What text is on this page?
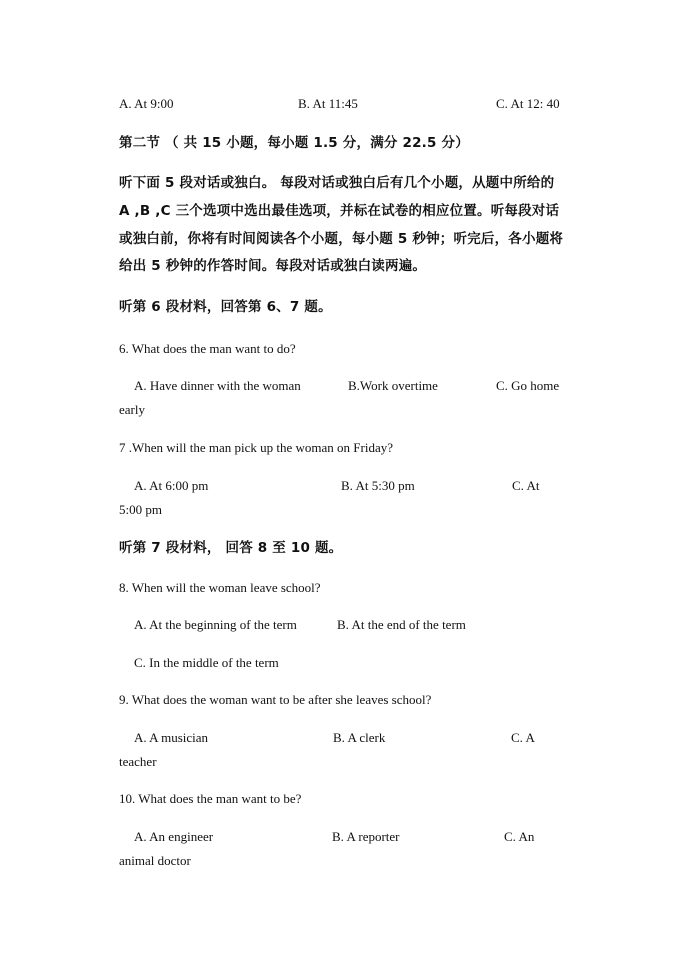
A. At 9:00	B. At 11:45	C. At 12: 40
第二节 （ 共 15 小题，每小题 1.5 分，满分 22.5 分）
听下面 5 段对话或独白。 每段对话或独白后有几个小题，从题中所给的
A ,B ,C 三个选项中选出最佳选项，并标在试卷的相应位置。听每段对话
或独白前，你将有时间阅读各个小题，每小题 5 秒钟；听完后，各小题将
给出 5 秒钟的作答时间。每段对话或独白读两遍。
听第 6 段材料，回答第 6、7 题。
6. What does the man want to do?
A. Have dinner with the woman	B.Work overtime	C. Go home
early
7 .When will the man pick up the woman on Friday?
A. At 6:00 pm	B. At 5:30 pm	C. At
5:00 pm
听第 7 段材料， 回答 8 至 10 题。
8. When will the woman leave school?
A. At the beginning of the term	B. At the end of the term
C. In the middle of the term
9. What does the woman want to be after she leaves school?
A. A musician	B. A clerk	C. A
teacher
10. What does the man want to be?
A. An engineer	B. A reporter	C. An
animal doctor
